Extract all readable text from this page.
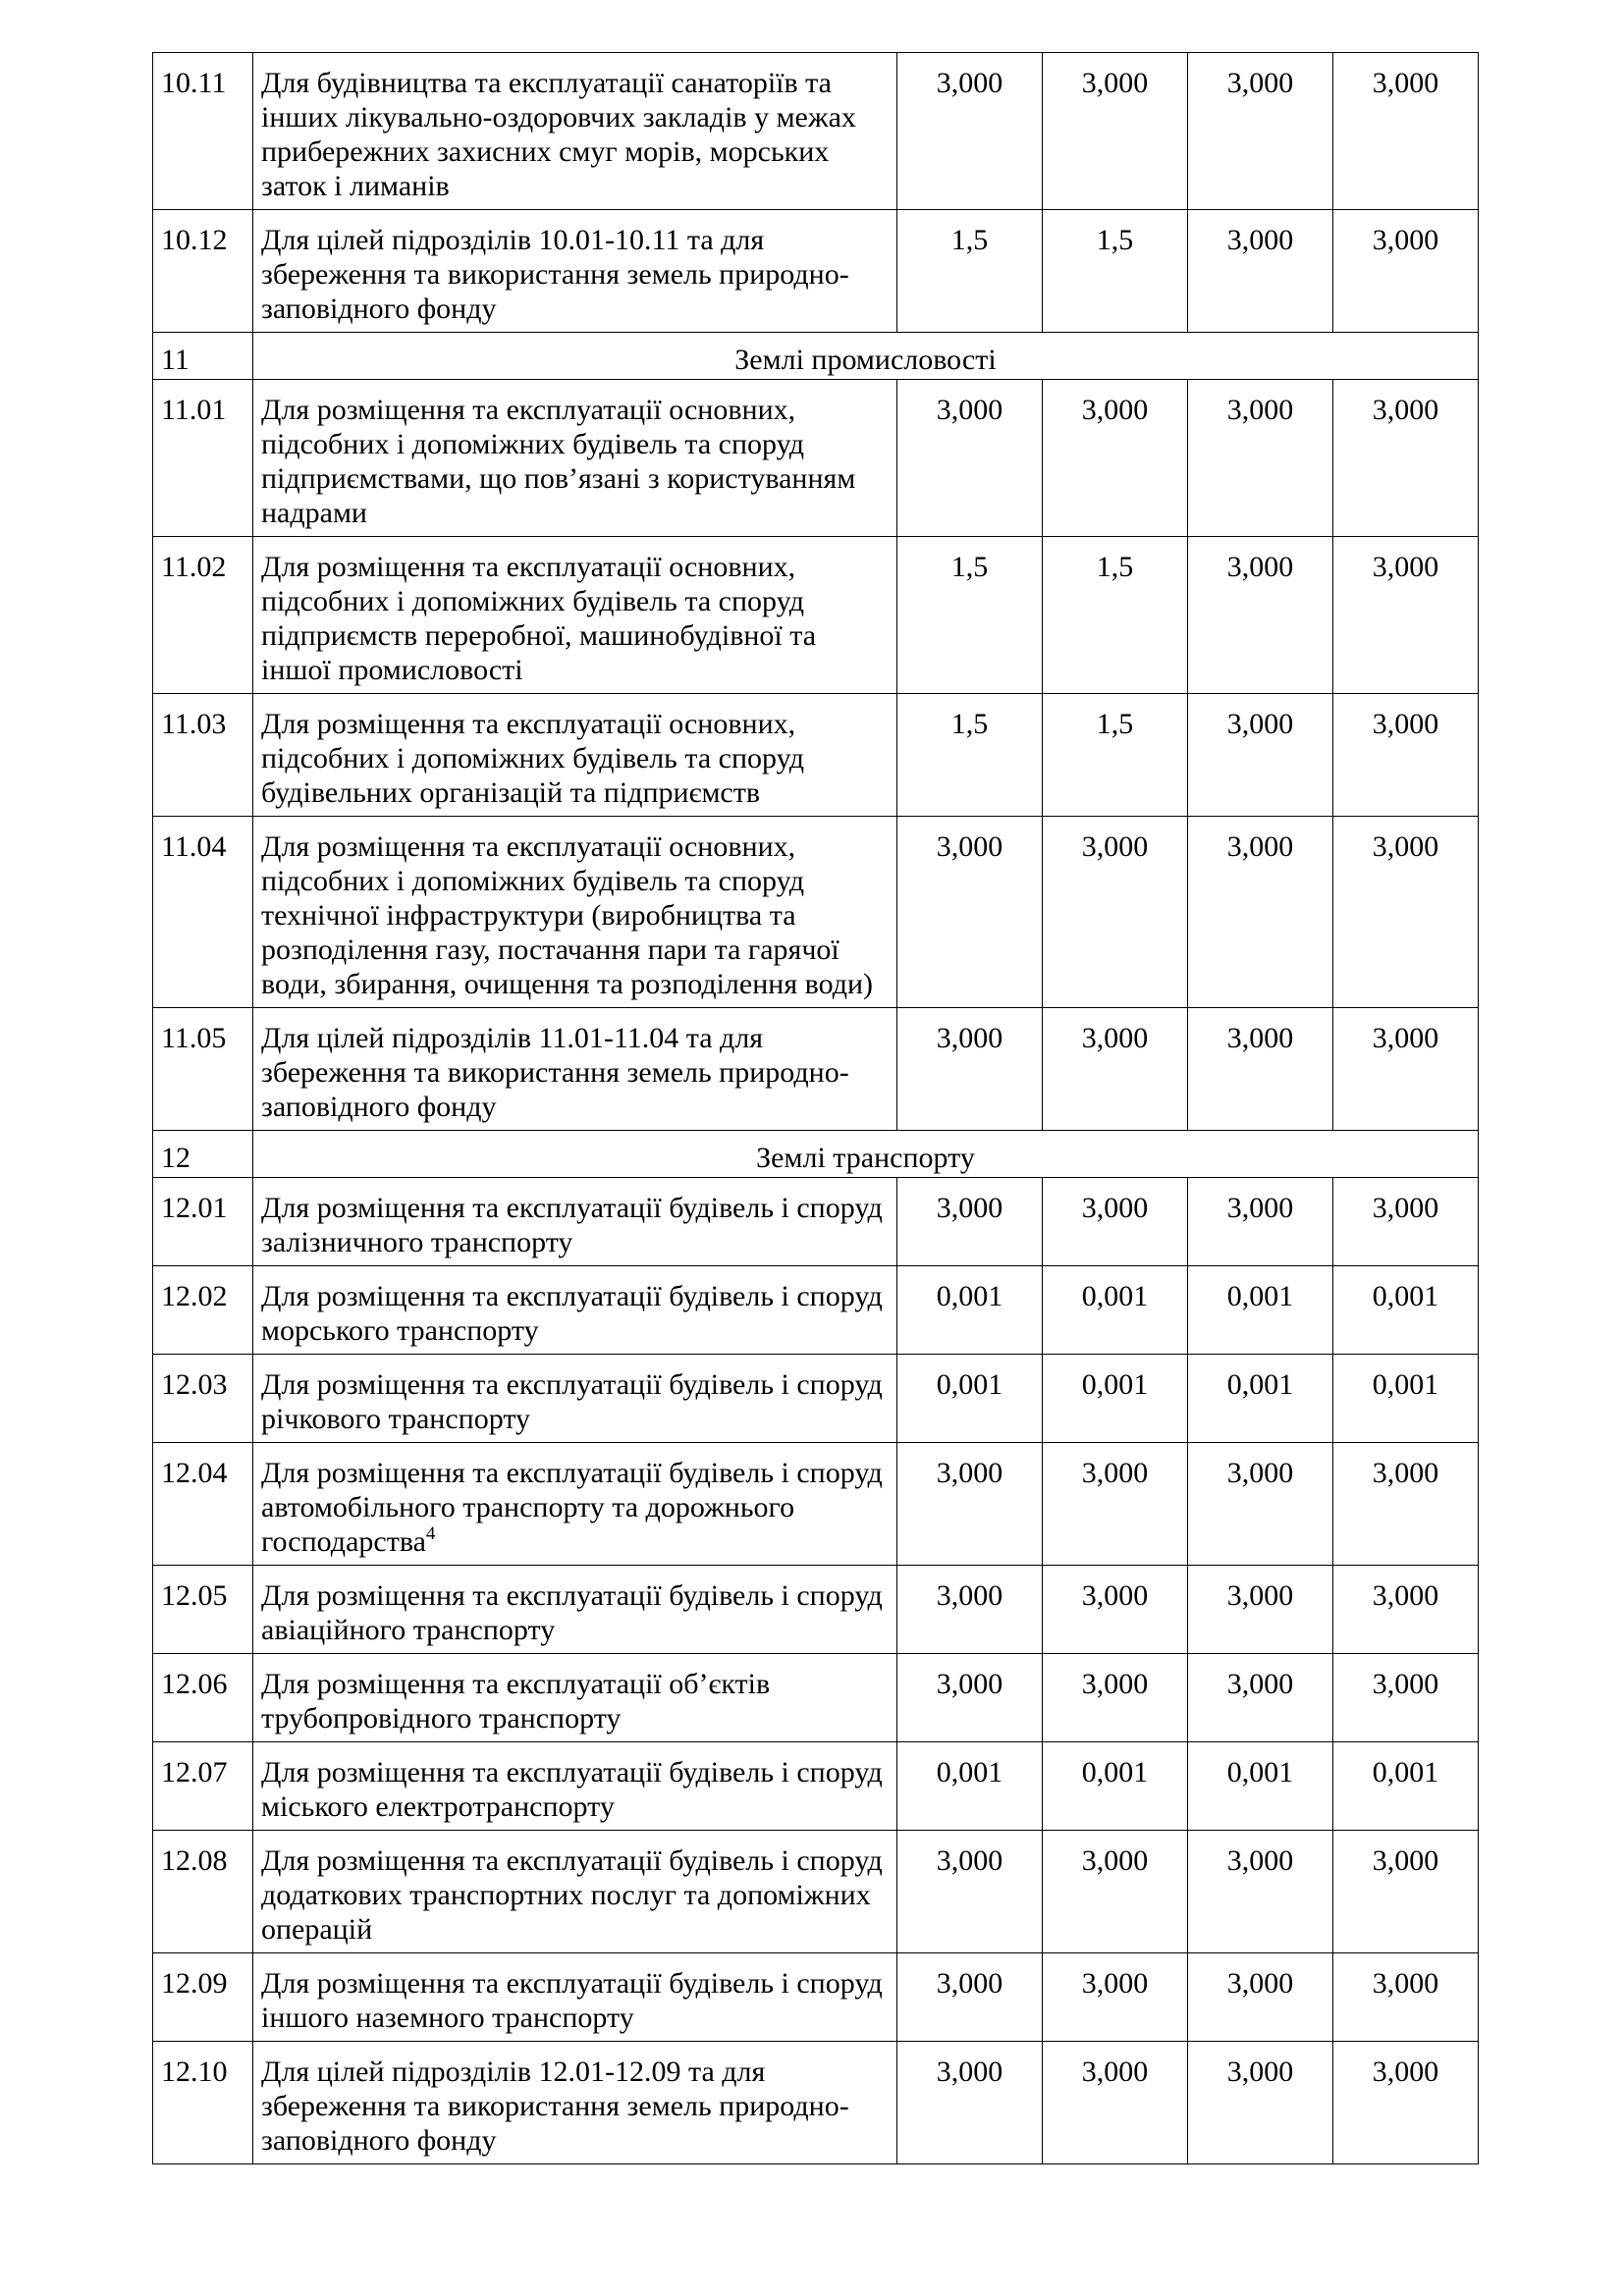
10.11	Для будівництва та експлуатації санаторіїв та інших лікувально-оздоровчих закладів у межах прибережних захисних смуг морів, морських заток і лиманів	3,000	3,000	3,000	3,000
10.12	Для цілей підрозділів 10.01-10.11 та для збереження та використання земель природно-заповідного фонду	1,5	1,5	3,000	3,000
11	Землі промисловості				
11.01	Для розміщення та експлуатації основних, підсобних і допоміжних будівель та споруд підприємствами, що пов’язані з користуванням надрами	3,000	3,000	3,000	3,000
11.02	Для розміщення та експлуатації основних, підсобних і допоміжних будівель та споруд підприємств переробної, машинобудівної та іншої промисловості	1,5	1,5	3,000	3,000
11.03	Для розміщення та експлуатації основних, підсобних і допоміжних будівель та споруд будівельних організацій та підприємств	1,5	1,5	3,000	3,000
11.04	Для розміщення та експлуатації основних, підсобних і допоміжних будівель та споруд технічної інфраструктури (виробництва та розподілення газу, постачання пари та гарячої води, збирання, очищення та розподілення води)	3,000	3,000	3,000	3,000
11.05	Для цілей підрозділів 11.01-11.04 та для збереження та використання земель природно-заповідного фонду	3,000	3,000	3,000	3,000
12	Землі транспорту				
12.01	Для розміщення та експлуатації будівель і споруд залізничного транспорту	3,000	3,000	3,000	3,000
12.02	Для розміщення та експлуатації будівель і споруд морського транспорту	0,001	0,001	0,001	0,001
12.03	Для розміщення та експлуатації будівель і споруд річкового транспорту	0,001	0,001	0,001	0,001
12.04	Для розміщення та експлуатації будівель і споруд автомобільного транспорту та дорожнього господарства$^4$	3,000	3,000	3,000	3,000
12.05	Для розміщення та експлуатації будівель і споруд авіаційного транспорту	3,000	3,000	3,000	3,000
12.06	Для розміщення та експлуатації об’єктів трубопровідного транспорту	3,000	3,000	3,000	3,000
12.07	Для розміщення та експлуатації будівель і споруд міського електротранспорту	0,001	0,001	0,001	0,001
12.08	Для розміщення та експлуатації будівель і споруд додаткових транспортних послуг та допоміжних операцій	3,000	3,000	3,000	3,000
12.09	Для розміщення та експлуатації будівель і споруд іншого наземного транспорту	3,000	3,000	3,000	3,000
12.10	Для цілей підрозділів 12.01-12.09 та для збереження та використання земель природно-заповідного фонду	3,000	3,000	3,000	3,000
